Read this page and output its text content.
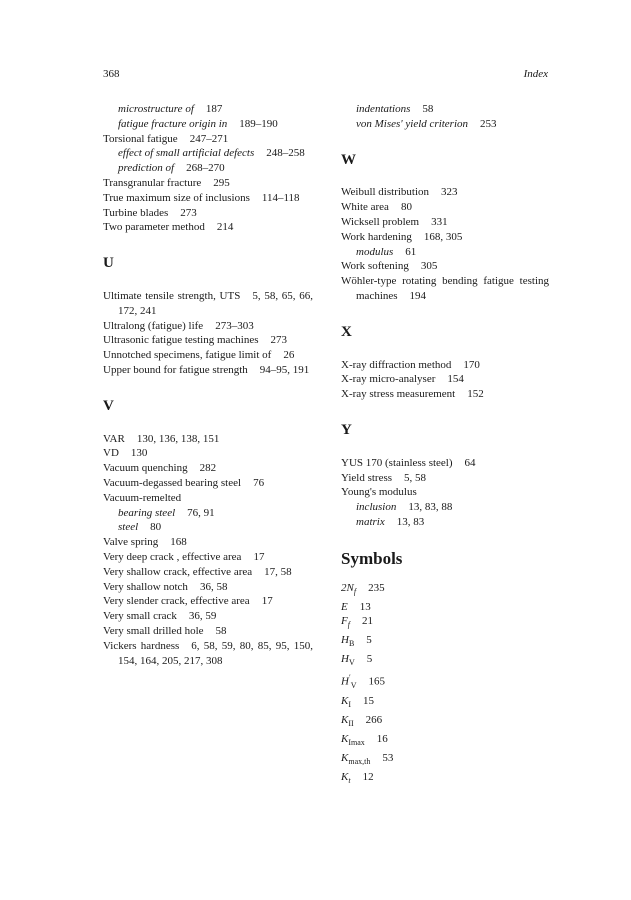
368	Index

microstructure of 187

fatigue fracture origin in 189–190

Torsional fatigue 247–271

effect of small artificial defects 248–258

prediction of 268–270

Transgranular fracture 295

True maximum size of inclusions 114–118

Turbine blades 273

Two parameter method 214

U

Ultimate tensile strength, UTS 5, 58, 65, 66, 172, 241

Ultralong (fatigue) life 273–303

Ultrasonic fatigue testing machines 273

Unnotched specimens, fatigue limit of 26

Upper bound for fatigue strength 94–95, 191

V

VAR 130, 136, 138, 151

VD 130

Vacuum quenching 282

Vacuum-degassed bearing steel 76

Vacuum-remelted

bearing steel 76, 91

steel 80

Valve spring 168

Very deep crack , effective area 17

Very shallow crack, effective area 17, 58

Very shallow notch 36, 58

Very slender crack, effective area 17

Very small crack 36, 59

Very small drilled hole 58

Vickers hardness 6, 58, 59, 80, 85, 95, 150, 154, 164, 205, 217, 308

indentations 58

von Mises' yield criterion 253

W

Weibull distribution 323

White area 80

Wicksell problem 331

Work hardening 168, 305

modulus 61

Work softening 305

Wöhler-type rotating bending fatigue testing machines 194

X

X-ray diffraction method 170

X-ray micro-analyser 154

X-ray stress measurement 152

Y

YUS 170 (stainless steel) 64

Yield stress 5, 58

Young's modulus

inclusion 13, 83, 88

matrix 13, 83

Symbols

$2N_f$ 235

E 13

$F_f$ 21

$H_B$ 5

$H_V$ 5

$H'_V$ 165

$K_I$ 15

$K_{II}$ 266

$K_{Imax}$ 16

$K_{max,th}$ 53

$K_t$ 12
